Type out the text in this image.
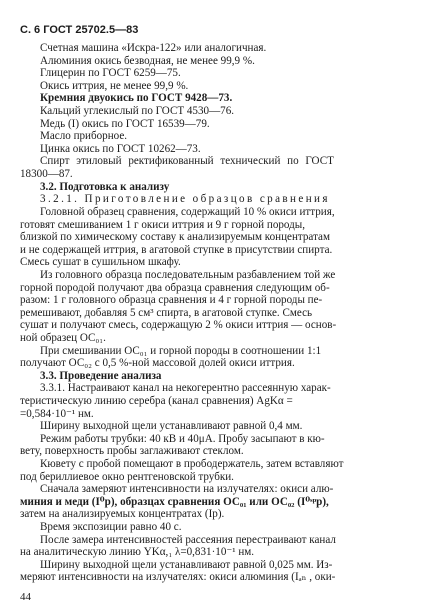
С. 6 ГОСТ 25702.5—83
Счетная машина «Искра-122» или аналогичная.
Алюминия окись безводная, не менее 99,9 %.
Глицерин по ГОСТ 6259—75.
Окись иттрия, не менее 99,9 %.
Кремния двуокись по ГОСТ 9428—73.
Кальций углекислый по ГОСТ 4530—76.
Медь (I) окись по ГОСТ 16539—79.
Масло приборное.
Цинка окись по ГОСТ 10262—73.
Спирт этиловый ректификованный технический по ГОСТ
18300—87.
3.2. Подготовка к анализу
3.2.1. Приготовление образцов сравнения
Головной образец сравнения, содержащий 10 % окиси иттрия,
готовят смешиванием 1 г окиси иттрия и 9 г горной породы,
близкой по химическому составу к анализируемым концентратам
и не содержащей иттрия, в агатовой ступке в присутствии спирта.
Смесь сушат в сушильном шкафу.
Из головного образца последовательным разбавлением той же
горной породой получают два образца сравнения следующим об-
разом: 1 г головного образца сравнения и 4 г горной породы пе-
ремешивают, добавляя 5 см³ спирта, в агатовой ступке. Смесь
сушат и получают смесь, содержащую 2 % окиси иттрия — основ-
ной образец ОС₀₁.
При смешивании ОС₀₁ и горной породы в соотношении 1:1
получают ОС₀₂ с 0,5 %-ной массовой долей окиси иттрия.
3.3. Проведение анализа
3.3.1. Настраивают канал на некогерентно рассеянную харак-
теристическую линию серебра (канал сравнения) AgKα =
=0,584·10⁻¹ нм.
Ширину выходной щели устанавливают равной 0,4 мм.
Режим работы трубки: 40 кВ и 40μА. Пробу засыпают в кю-
вету, поверхность пробы заглаживают стеклом.
Кювету с пробой помещают в прободержатель, затем вставляют
под бериллиевое окно рентгеновской трубки.
Сначала замеряют интенсивности на излучателях: окиси алю-
миния и меди (I⁰р), образцах сравнения ОС₀₁ или ОС₀₂ (I⁰ˢᵖр),
затем на анализируемых концентратах (Iр).
Время экспозиции равно 40 с.
После замера интенсивностей рассеяния перестраивают канал
на аналитическую линию YKα,₁ λ=0,831·10⁻¹ нм.
Ширину выходной щели устанавливают равной 0,025 мм. Из-
меряют интенсивности на излучателях: окиси алюминия (Iₐₙ , оки-
44
